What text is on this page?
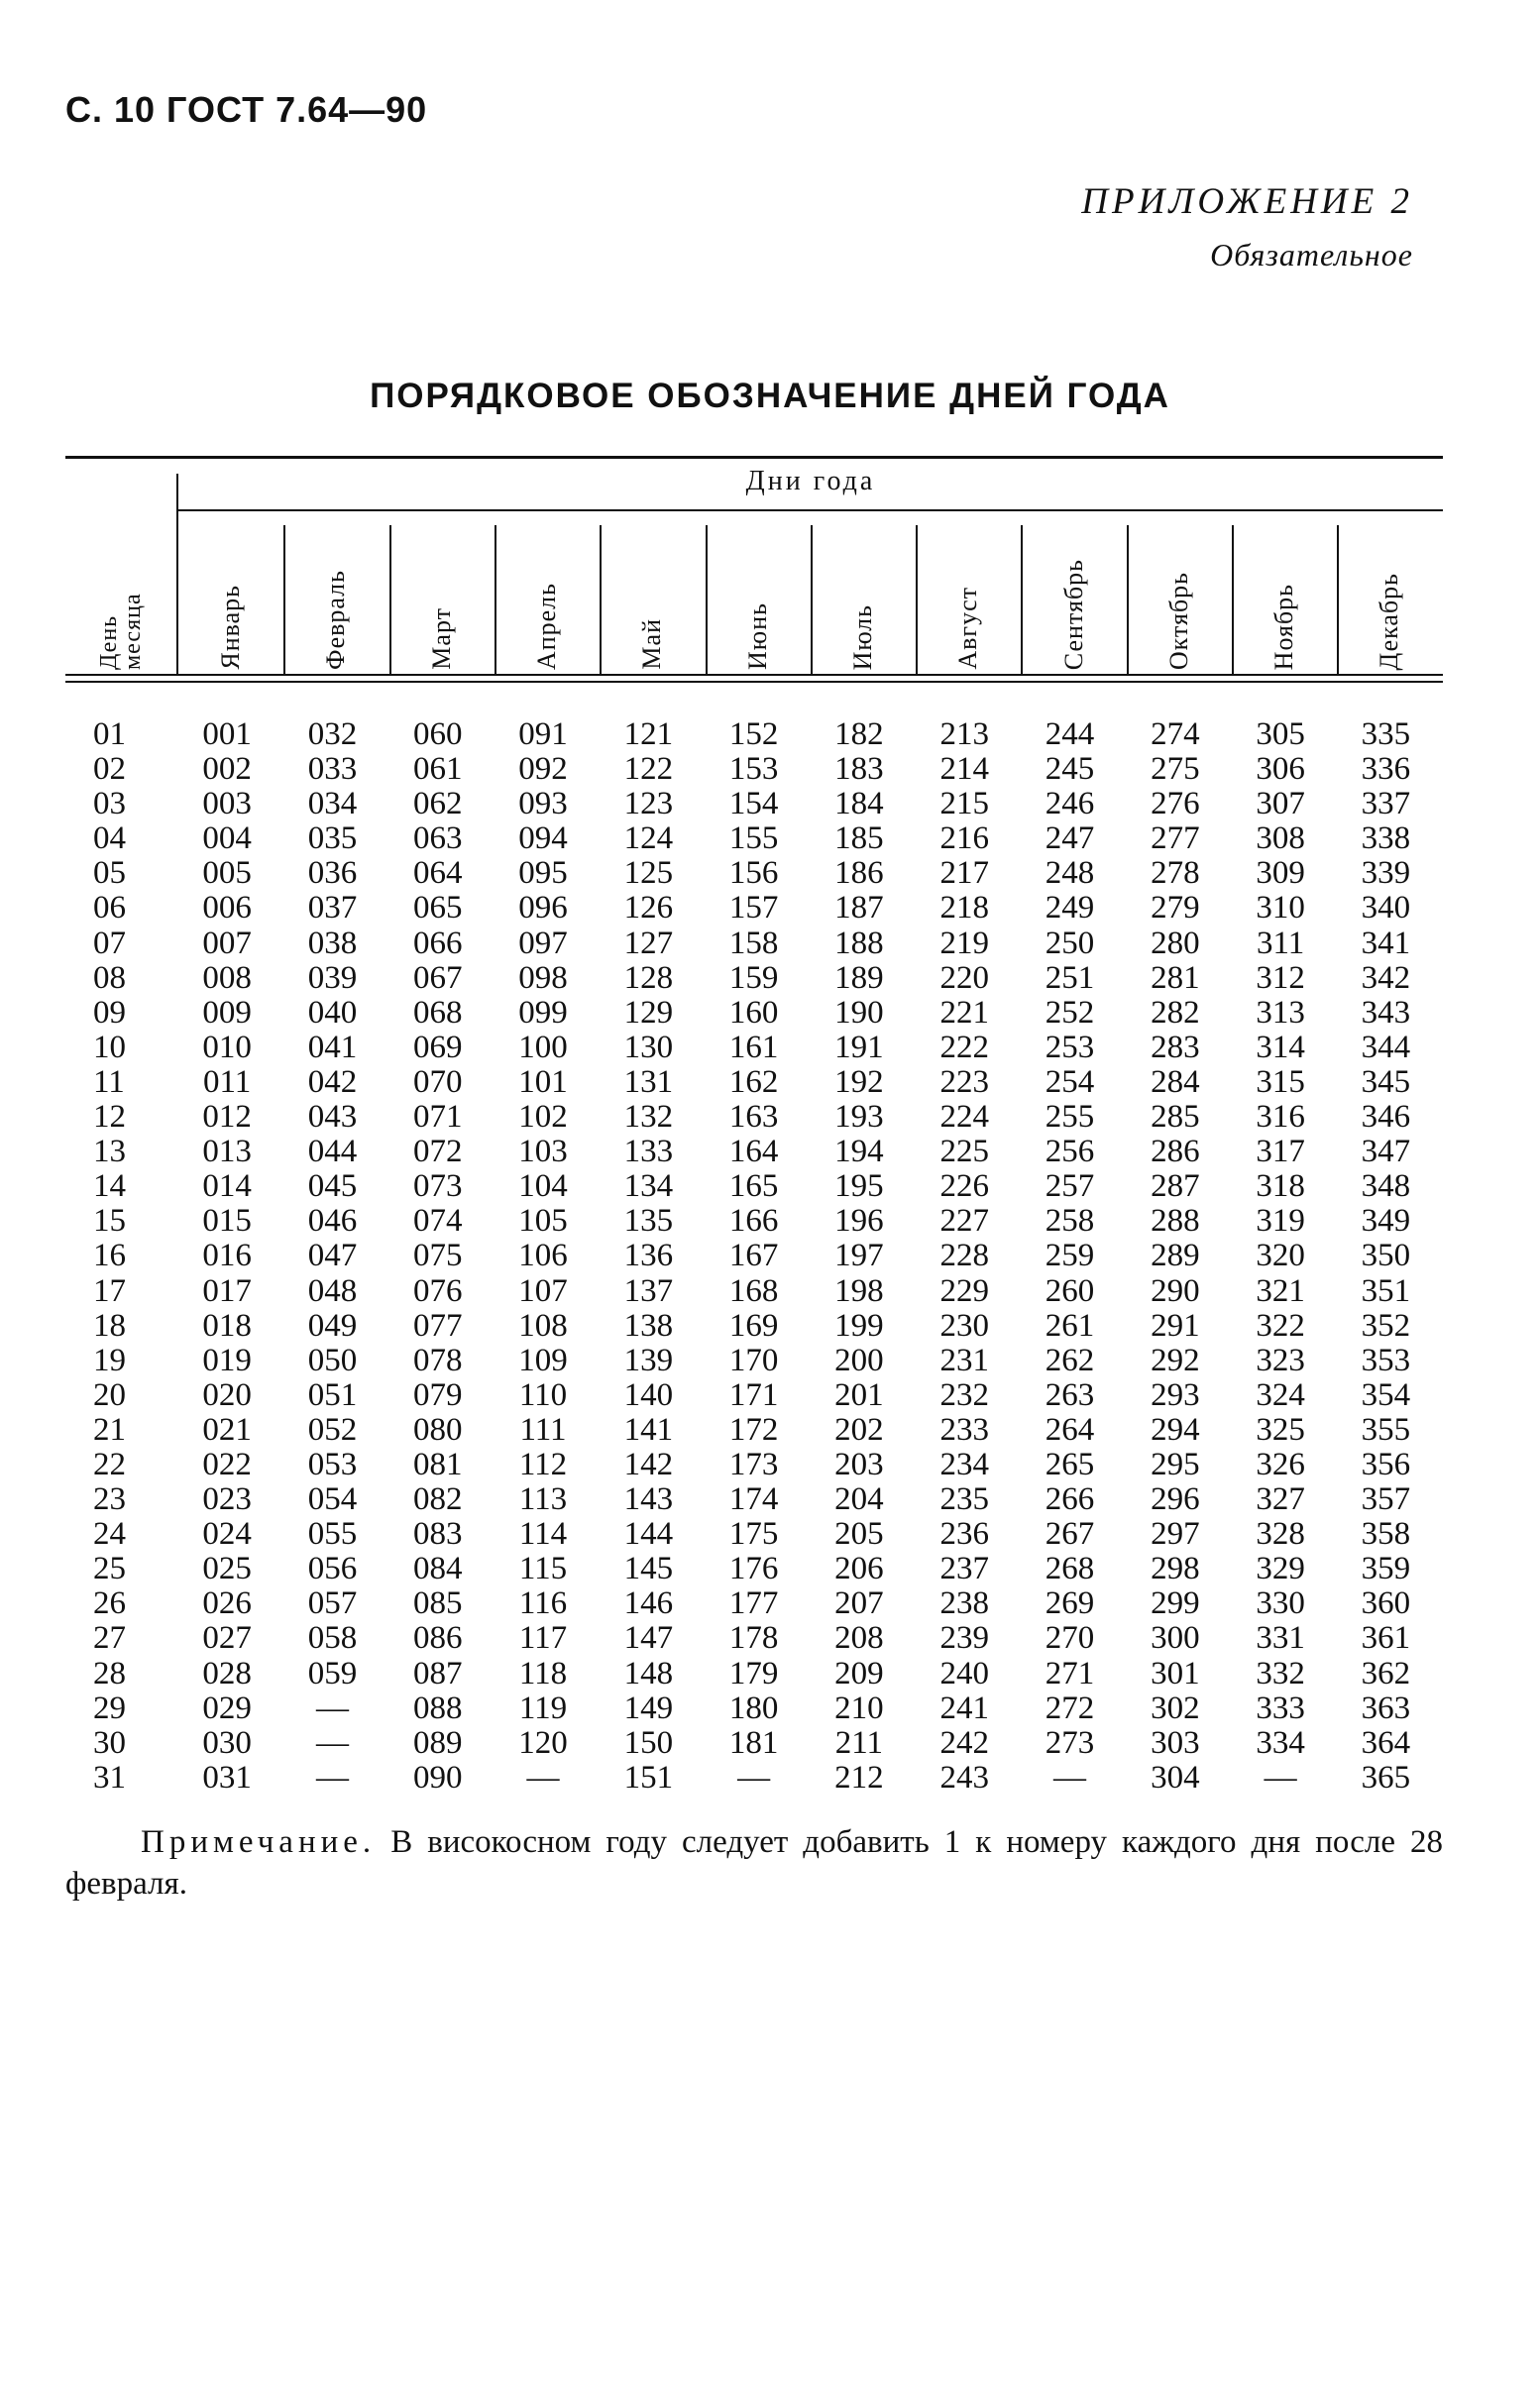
С. 10 ГОСТ 7.64—90
ПРИЛОЖЕНИЕ 2
Обязательное
ПОРЯДКОВОЕ ОБОЗНАЧЕНИЕ ДНЕЙ ГОДА
Дни года
День месяца	Январь	Февраль	Март	Апрель	Май	Июнь	Июль	Август	Сентябрь	Октябрь	Ноябрь	Декабрь
01	001	032	060	091	121	152	182	213	244	274	305	335
02	002	033	061	092	122	153	183	214	245	275	306	336
03	003	034	062	093	123	154	184	215	246	276	307	337
04	004	035	063	094	124	155	185	216	247	277	308	338
05	005	036	064	095	125	156	186	217	248	278	309	339
06	006	037	065	096	126	157	187	218	249	279	310	340
07	007	038	066	097	127	158	188	219	250	280	311	341
08	008	039	067	098	128	159	189	220	251	281	312	342
09	009	040	068	099	129	160	190	221	252	282	313	343
10	010	041	069	100	130	161	191	222	253	283	314	344
11	011	042	070	101	131	162	192	223	254	284	315	345
12	012	043	071	102	132	163	193	224	255	285	316	346
13	013	044	072	103	133	164	194	225	256	286	317	347
14	014	045	073	104	134	165	195	226	257	287	318	348
15	015	046	074	105	135	166	196	227	258	288	319	349
16	016	047	075	106	136	167	197	228	259	289	320	350
17	017	048	076	107	137	168	198	229	260	290	321	351
18	018	049	077	108	138	169	199	230	261	291	322	352
19	019	050	078	109	139	170	200	231	262	292	323	353
20	020	051	079	110	140	171	201	232	263	293	324	354
21	021	052	080	111	141	172	202	233	264	294	325	355
22	022	053	081	112	142	173	203	234	265	295	326	356
23	023	054	082	113	143	174	204	235	266	296	327	357
24	024	055	083	114	144	175	205	236	267	297	328	358
25	025	056	084	115	145	176	206	237	268	298	329	359
26	026	057	085	116	146	177	207	238	269	299	330	360
27	027	058	086	117	147	178	208	239	270	300	331	361
28	028	059	087	118	148	179	209	240	271	301	332	362
29	029	—	088	119	149	180	210	241	272	302	333	363
30	030	—	089	120	150	181	211	242	273	303	334	364
31	031	—	090	—	151	—	212	243	—	304	—	365
Примечание. В високосном году следует добавить 1 к номеру каждого дня после 28 февраля.
